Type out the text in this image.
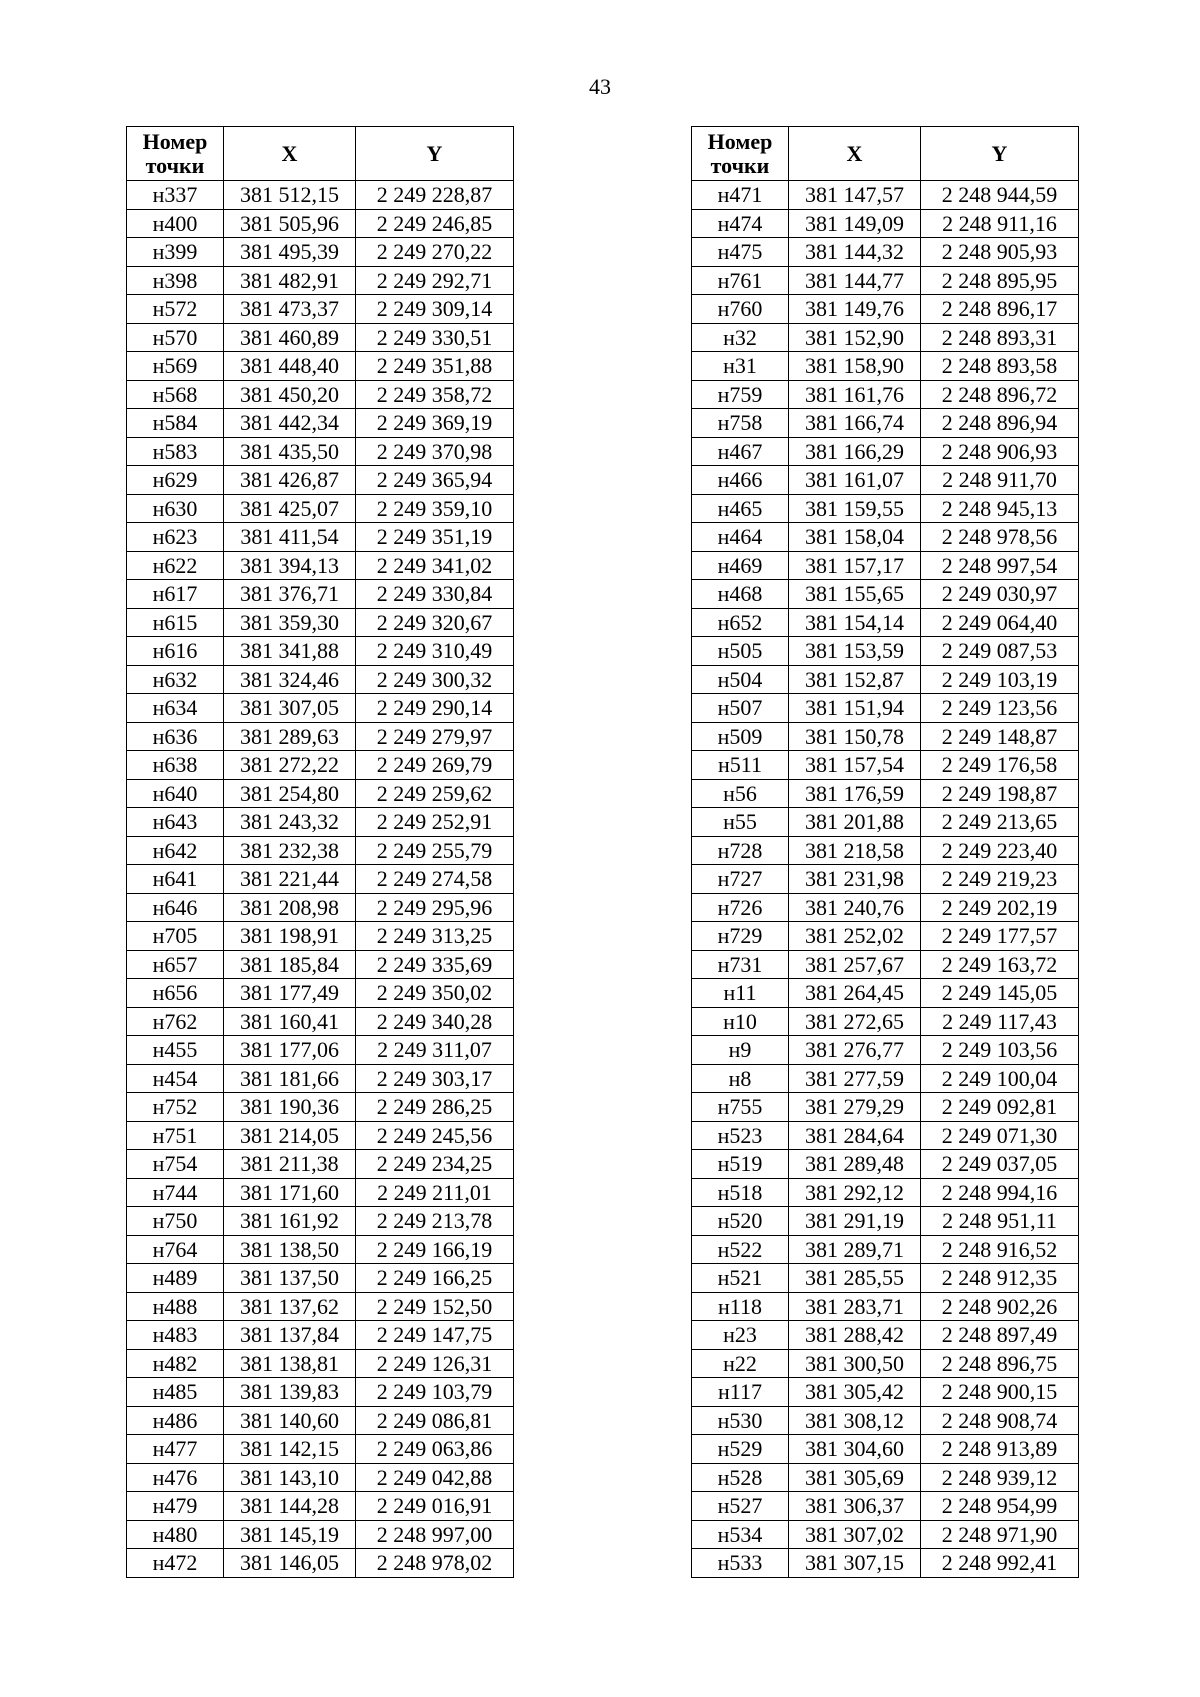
43
Номер точки	X	Y
н337	381 512,15	2 249 228,87
н400	381 505,96	2 249 246,85
н399	381 495,39	2 249 270,22
н398	381 482,91	2 249 292,71
н572	381 473,37	2 249 309,14
н570	381 460,89	2 249 330,51
н569	381 448,40	2 249 351,88
н568	381 450,20	2 249 358,72
н584	381 442,34	2 249 369,19
н583	381 435,50	2 249 370,98
н629	381 426,87	2 249 365,94
н630	381 425,07	2 249 359,10
н623	381 411,54	2 249 351,19
н622	381 394,13	2 249 341,02
н617	381 376,71	2 249 330,84
н615	381 359,30	2 249 320,67
н616	381 341,88	2 249 310,49
н632	381 324,46	2 249 300,32
н634	381 307,05	2 249 290,14
н636	381 289,63	2 249 279,97
н638	381 272,22	2 249 269,79
н640	381 254,80	2 249 259,62
н643	381 243,32	2 249 252,91
н642	381 232,38	2 249 255,79
н641	381 221,44	2 249 274,58
н646	381 208,98	2 249 295,96
н705	381 198,91	2 249 313,25
н657	381 185,84	2 249 335,69
н656	381 177,49	2 249 350,02
н762	381 160,41	2 249 340,28
н455	381 177,06	2 249 311,07
н454	381 181,66	2 249 303,17
н752	381 190,36	2 249 286,25
н751	381 214,05	2 249 245,56
н754	381 211,38	2 249 234,25
н744	381 171,60	2 249 211,01
н750	381 161,92	2 249 213,78
н764	381 138,50	2 249 166,19
н489	381 137,50	2 249 166,25
н488	381 137,62	2 249 152,50
н483	381 137,84	2 249 147,75
н482	381 138,81	2 249 126,31
н485	381 139,83	2 249 103,79
н486	381 140,60	2 249 086,81
н477	381 142,15	2 249 063,86
н476	381 143,10	2 249 042,88
н479	381 144,28	2 249 016,91
н480	381 145,19	2 248 997,00
н472	381 146,05	2 248 978,02
Номер точки	X	Y
н471	381 147,57	2 248 944,59
н474	381 149,09	2 248 911,16
н475	381 144,32	2 248 905,93
н761	381 144,77	2 248 895,95
н760	381 149,76	2 248 896,17
н32	381 152,90	2 248 893,31
н31	381 158,90	2 248 893,58
н759	381 161,76	2 248 896,72
н758	381 166,74	2 248 896,94
н467	381 166,29	2 248 906,93
н466	381 161,07	2 248 911,70
н465	381 159,55	2 248 945,13
н464	381 158,04	2 248 978,56
н469	381 157,17	2 248 997,54
н468	381 155,65	2 249 030,97
н652	381 154,14	2 249 064,40
н505	381 153,59	2 249 087,53
н504	381 152,87	2 249 103,19
н507	381 151,94	2 249 123,56
н509	381 150,78	2 249 148,87
н511	381 157,54	2 249 176,58
н56	381 176,59	2 249 198,87
н55	381 201,88	2 249 213,65
н728	381 218,58	2 249 223,40
н727	381 231,98	2 249 219,23
н726	381 240,76	2 249 202,19
н729	381 252,02	2 249 177,57
н731	381 257,67	2 249 163,72
н11	381 264,45	2 249 145,05
н10	381 272,65	2 249 117,43
н9	381 276,77	2 249 103,56
н8	381 277,59	2 249 100,04
н755	381 279,29	2 249 092,81
н523	381 284,64	2 249 071,30
н519	381 289,48	2 249 037,05
н518	381 292,12	2 248 994,16
н520	381 291,19	2 248 951,11
н522	381 289,71	2 248 916,52
н521	381 285,55	2 248 912,35
н118	381 283,71	2 248 902,26
н23	381 288,42	2 248 897,49
н22	381 300,50	2 248 896,75
н117	381 305,42	2 248 900,15
н530	381 308,12	2 248 908,74
н529	381 304,60	2 248 913,89
н528	381 305,69	2 248 939,12
н527	381 306,37	2 248 954,99
н534	381 307,02	2 248 971,90
н533	381 307,15	2 248 992,41
